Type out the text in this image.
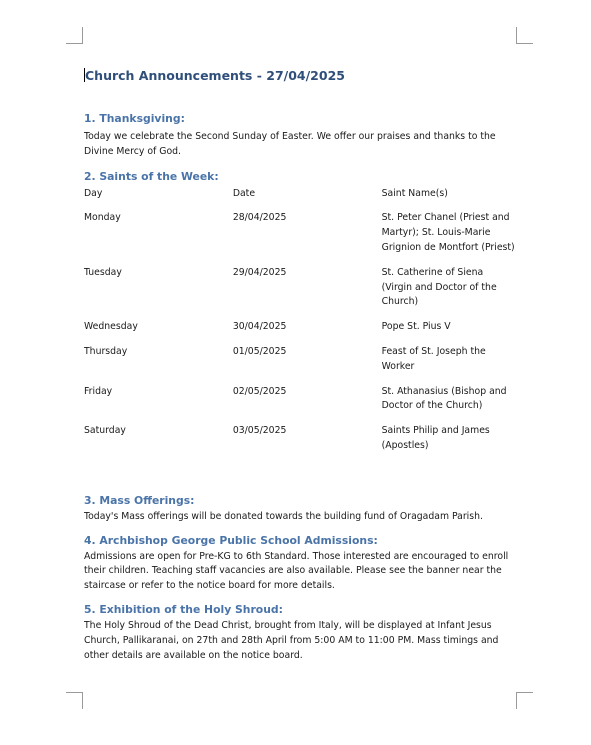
Church Announcements - 27/04/2025
1. Thanksgiving:

Today we celebrate the Second Sunday of Easter. We offer our praises and thanks to the Divine Mercy of God.

2. Saints of the Week:
Day	Date	Saint Name(s)
Monday	28/04/2025	St. Peter Chanel (Priest and Martyr); St. Louis-Marie Grignion de Montfort (Priest)
Tuesday	29/04/2025	St. Catherine of Siena (Virgin and Doctor of the Church)
Wednesday	30/04/2025	Pope St. Pius V
Thursday	01/05/2025	Feast of St. Joseph the Worker
Friday	02/05/2025	St. Athanasius (Bishop and Doctor of the Church)
Saturday	03/05/2025	Saints Philip and James (Apostles)
3. Mass Offerings:

Today's Mass offerings will be donated towards the building fund of Oragadam Parish.

4. Archbishop George Public School Admissions:

Admissions are open for Pre-KG to 6th Standard. Those interested are encouraged to enroll their children. Teaching staff vacancies are also available. Please see the banner near the staircase or refer to the notice board for more details.

5. Exhibition of the Holy Shroud:

The Holy Shroud of the Dead Christ, brought from Italy, will be displayed at Infant Jesus Church, Pallikaranai, on 27th and 28th April from 5:00 AM to 11:00 PM. Mass timings and other details are available on the notice board.
